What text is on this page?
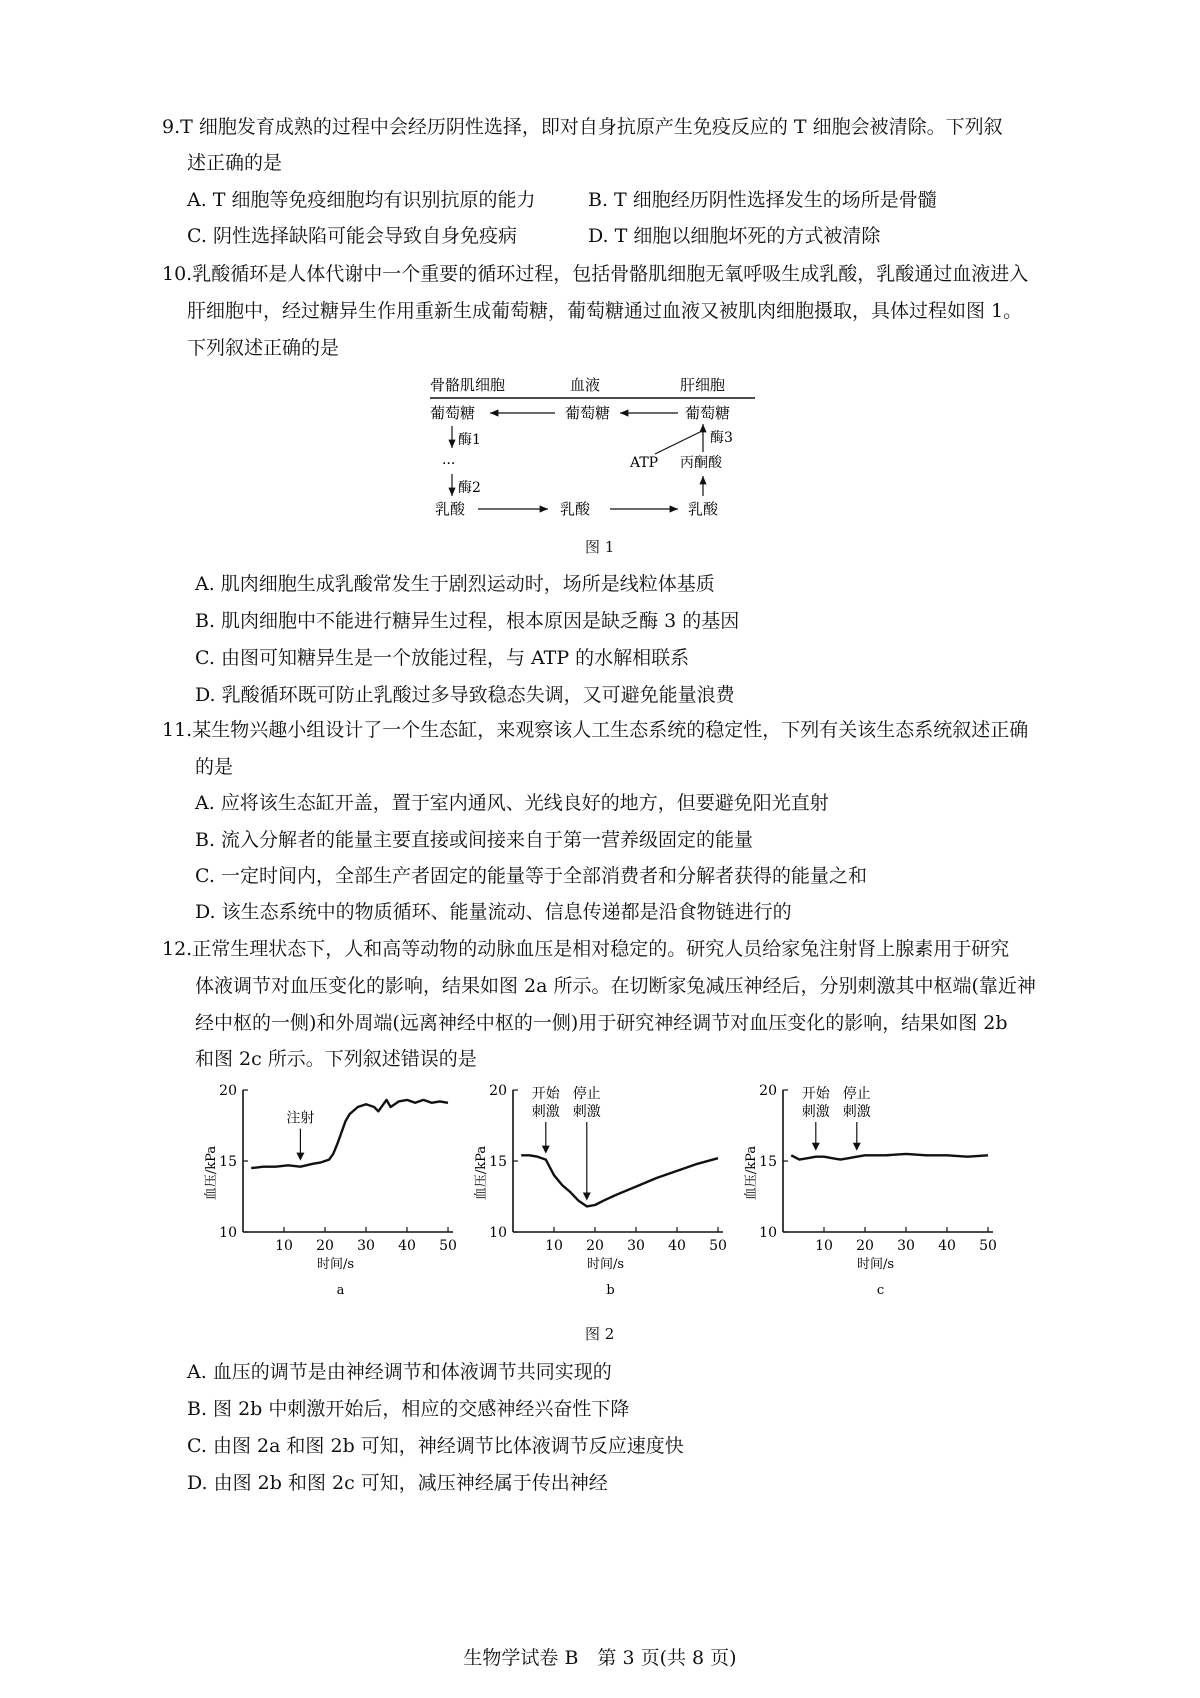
9.T 细胞发育成熟的过程中会经历阴性选择，即对自身抗原产生免疫反应的 T 细胞会被清除。下列叙
述正确的是
A. T 细胞等免疫细胞均有识别抗原的能力	B. T 细胞经历阴性选择发生的场所是骨髓
C. 阴性选择缺陷可能会导致自身免疫病	D. T 细胞以细胞坏死的方式被清除
10.乳酸循环是人体代谢中一个重要的循环过程，包括骨骼肌细胞无氧呼吸生成乳酸，乳酸通过血液进入
肝细胞中，经过糖异生作用重新生成葡萄糖，葡萄糖通过血液又被肌肉细胞摄取，具体过程如图 1。
下列叙述正确的是
骨骼肌细胞	血液	肝细胞
葡萄糖	葡萄糖	葡萄糖
酶1
···
酶2
乳酸	乳酸	乳酸
丙酮酸
ATP
酶3
图 1
A. 肌肉细胞生成乳酸常发生于剧烈运动时，场所是线粒体基质
B. 肌肉细胞中不能进行糖异生过程，根本原因是缺乏酶 3 的基因
C. 由图可知糖异生是一个放能过程，与 ATP 的水解相联系
D. 乳酸循环既可防止乳酸过多导致稳态失调，又可避免能量浪费
11.某生物兴趣小组设计了一个生态缸，来观察该人工生态系统的稳定性，下列有关该生态系统叙述正确
的是
A. 应将该生态缸开盖，置于室内通风、光线良好的地方，但要避免阳光直射
B. 流入分解者的能量主要直接或间接来自于第一营养级固定的能量
C. 一定时间内，全部生产者固定的能量等于全部消费者和分解者获得的能量之和
D. 该生态系统中的物质循环、能量流动、信息传递都是沿食物链进行的
12.正常生理状态下，人和高等动物的动脉血压是相对稳定的。研究人员给家兔注射肾上腺素用于研究
体液调节对血压变化的影响，结果如图 2a 所示。在切断家兔减压神经后，分别刺激其中枢端(靠近神
经中枢的一侧)和外周端(远离神经中枢的一侧)用于研究神经调节对血压变化的影响，结果如图 2b
和图 2c 所示。下列叙述错误的是
10
15
20
10 20 30 40 50
时间/s
血压/kPa
注射
a
10
15
20
10 20 30 40 50
时间/s
血压/kPa
开始
刺激
停止
刺激
b
10
15
20
10 20 30 40 50
时间/s
血压/kPa
开始
刺激
停止
刺激
c
图 2
A. 血压的调节是由神经调节和体液调节共同实现的
B. 图 2b 中刺激开始后，相应的交感神经兴奋性下降
C. 由图 2a 和图 2b 可知，神经调节比体液调节反应速度快
D. 由图 2b 和图 2c 可知，减压神经属于传出神经
生物学试卷 B　第 3 页(共 8 页)
